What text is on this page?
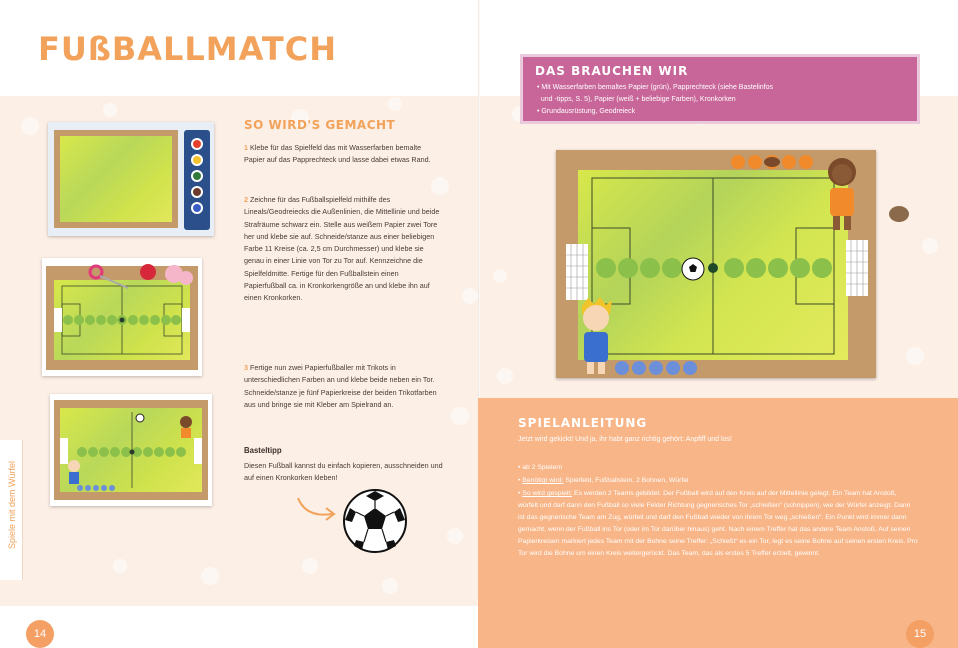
FUßBALLMATCH
SO WIRD'S GEMACHT
1 Klebe für das Spielfeld das mit Wasserfarben bemalte Papier auf das Papprechteck und lasse dabei etwas Rand.
2 Zeichne für das Fußballspielfeld mithilfe des Lineals/Geodreiecks die Außenlinien, die Mittellinie und beide Strafräume schwarz ein. Stelle aus weißem Papier zwei Tore her und klebe sie auf. Schneide/stanze aus einer beliebigen Farbe 11 Kreise (ca. 2,5 cm Durchmesser) und klebe sie genau in einer Linie von Tor zu Tor auf. Kennzeichne die Spielfeldmitte. Fertige für den Fußballstein einen Papierfußball ca. in Kronkorkengröße an und klebe ihn auf einen Kronkorken.
3 Fertige nun zwei Papierfußballer mit Trikots in unterschiedlichen Farben an und klebe beide neben ein Tor. Schneide/stanze je fünf Papierkreise der beiden Trikotfarben aus und bringe sie mit Kleber am Spielrand an.
Basteltipp
Diesen Fußball kannst du einfach kopieren, ausschneiden und auf einen Kronkorken kleben!
Spiele mit dem Würfel
14
DAS BRAUCHEN WIR
• Mit Wasserfarben bemaltes Papier (grün), Papprechteck (siehe Bastelinfos
und -tipps, S. 5), Papier (weiß + beliebige Farben), Kronkorken
• Grundausrüstung, Geodreieck
SPIELANLEITUNG
Jetzt wird gekickt! Und ja, ihr habt ganz richtig gehört: Anpfiff und los!
• ab 2 Spielern
• Benötigt wird: Spielfeld, Fußballstein, 2 Bohnen, Würfel
• So wird gespielt: Es werden 2 Teams gebildet. Der Fußball wird auf den Kreis auf der Mittellinie gelegt. Ein Team hat Anstoß, würfelt und darf dann den Fußball so viele Felder Richtung gegnerisches Tor „schießen“ (schnippen), wie der Würfel anzeigt. Dann ist das gegnerische Team am Zug, würfelt und darf den Fußball wieder von ihrem Tor weg „schießen“. Ein Punkt wird immer dann gemacht, wenn der Fußball ins Tor (oder im Tor darüber hinaus) geht. Nach einem Treffer hat das andere Team Anstoß. Auf seinen Papierkreisen markiert jedes Team mit der Bohne seine Treffer: „Schießt“ es ein Tor, legt es seine Bohne auf seinen ersten Kreis. Pro Tor wird die Bohne um einen Kreis weitergerückt. Das Team, das als erstes 5 Treffer erzielt, gewinnt.
15
